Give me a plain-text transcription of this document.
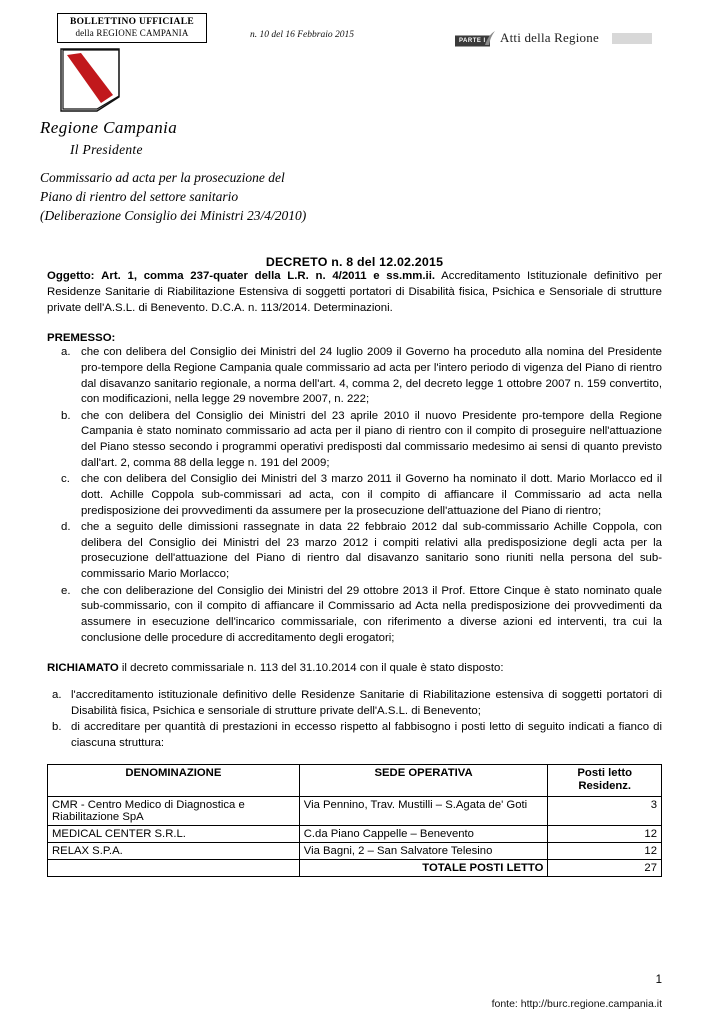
BOLLETTINO UFFICIALE
della REGIONE CAMPANIA	n. 10 del 16 Febbraio 2015
PARTE I	Atti della Regione
Regione Campania
Il Presidente
Commissario ad acta per la prosecuzione del
Piano di rientro del settore sanitario
(Deliberazione Consiglio dei Ministri 23/4/2010)
DECRETO n. 8 del 12.02.2015

Oggetto: Art. 1, comma 237-quater della L.R. n. 4/2011 e ss.mm.ii. Accreditamento Istituzionale definitivo per Residenze Sanitarie di Riabilitazione Estensiva di soggetti portatori di Disabilità fisica, Psichica e Sensoriale di strutture private dell'A.S.L. di Benevento. D.C.A. n. 113/2014. Determinazioni.

PREMESSO:
a. che con delibera del Consiglio dei Ministri del 24 luglio 2009 il Governo ha proceduto alla nomina del Presidente pro-tempore della Regione Campania quale commissario ad acta per l'intero periodo di vigenza del Piano di rientro dal disavanzo sanitario regionale, a norma dell'art. 4, comma 2, del decreto legge 1 ottobre 2007 n. 159 convertito, con modificazioni, nella legge 29 novembre 2007, n. 222;
b. che con delibera del Consiglio dei Ministri del 23 aprile 2010 il nuovo Presidente pro-tempore della Regione Campania è stato nominato commissario ad acta per il piano di rientro con il compito di proseguire nell'attuazione del Piano stesso secondo i programmi operativi predisposti dal commissario medesimo ai sensi di quanto previsto dall'art. 2, comma 88 della legge n. 191 del 2009;
c. che con delibera del Consiglio dei Ministri del 3 marzo 2011 il Governo ha nominato il dott. Mario Morlacco ed il dott. Achille Coppola sub-commissari ad acta, con il compito di affiancare il Commissario ad acta nella predisposizione dei provvedimenti da assumere per la prosecuzione dell'attuazione del Piano di rientro;
d. che a seguito delle dimissioni rassegnate in data 22 febbraio 2012 dal sub-commissario Achille Coppola, con delibera del Consiglio dei Ministri del 23 marzo 2012 i compiti relativi alla predisposizione degli acta per la prosecuzione dell'attuazione del Piano di rientro dal disavanzo sanitario sono riuniti nella persona del sub-commissario Mario Morlacco;
e. che con deliberazione del Consiglio dei Ministri del 29 ottobre 2013 il Prof. Ettore Cinque è stato nominato quale sub-commissario, con il compito di affiancare il Commissario ad Acta nella predisposizione dei provvedimenti da assumere in esecuzione dell'incarico commissariale, con riferimento a diverse azioni ed interventi, tra cui la conclusione delle procedure di accreditamento degli erogatori;

RICHIAMATO il decreto commissariale n. 113 del 31.10.2014 con il quale è stato disposto:

a. l'accreditamento istituzionale definitivo delle Residenze Sanitarie di Riabilitazione estensiva di soggetti portatori di Disabilità fisica, Psichica e sensoriale di strutture private dell'A.S.L. di Benevento;
b. di accreditare per quantità di prestazioni in eccesso rispetto al fabbisogno i posti letto di seguito indicati a fianco di ciascuna struttura:
DENOMINAZIONE	SEDE OPERATIVA	Posti letto
Residenz.
CMR - Centro Medico di Diagnostica e Riabilitazione SpA	Via Pennino, Trav. Mustilli – S.Agata de' Goti	3
MEDICAL CENTER S.R.L.	C.da Piano Cappelle – Benevento	12
RELAX S.P.A.	Via Bagni, 2 – San Salvatore Telesino	12
	TOTALE POSTI LETTO	27
1
fonte: http://burc.regione.campania.it
